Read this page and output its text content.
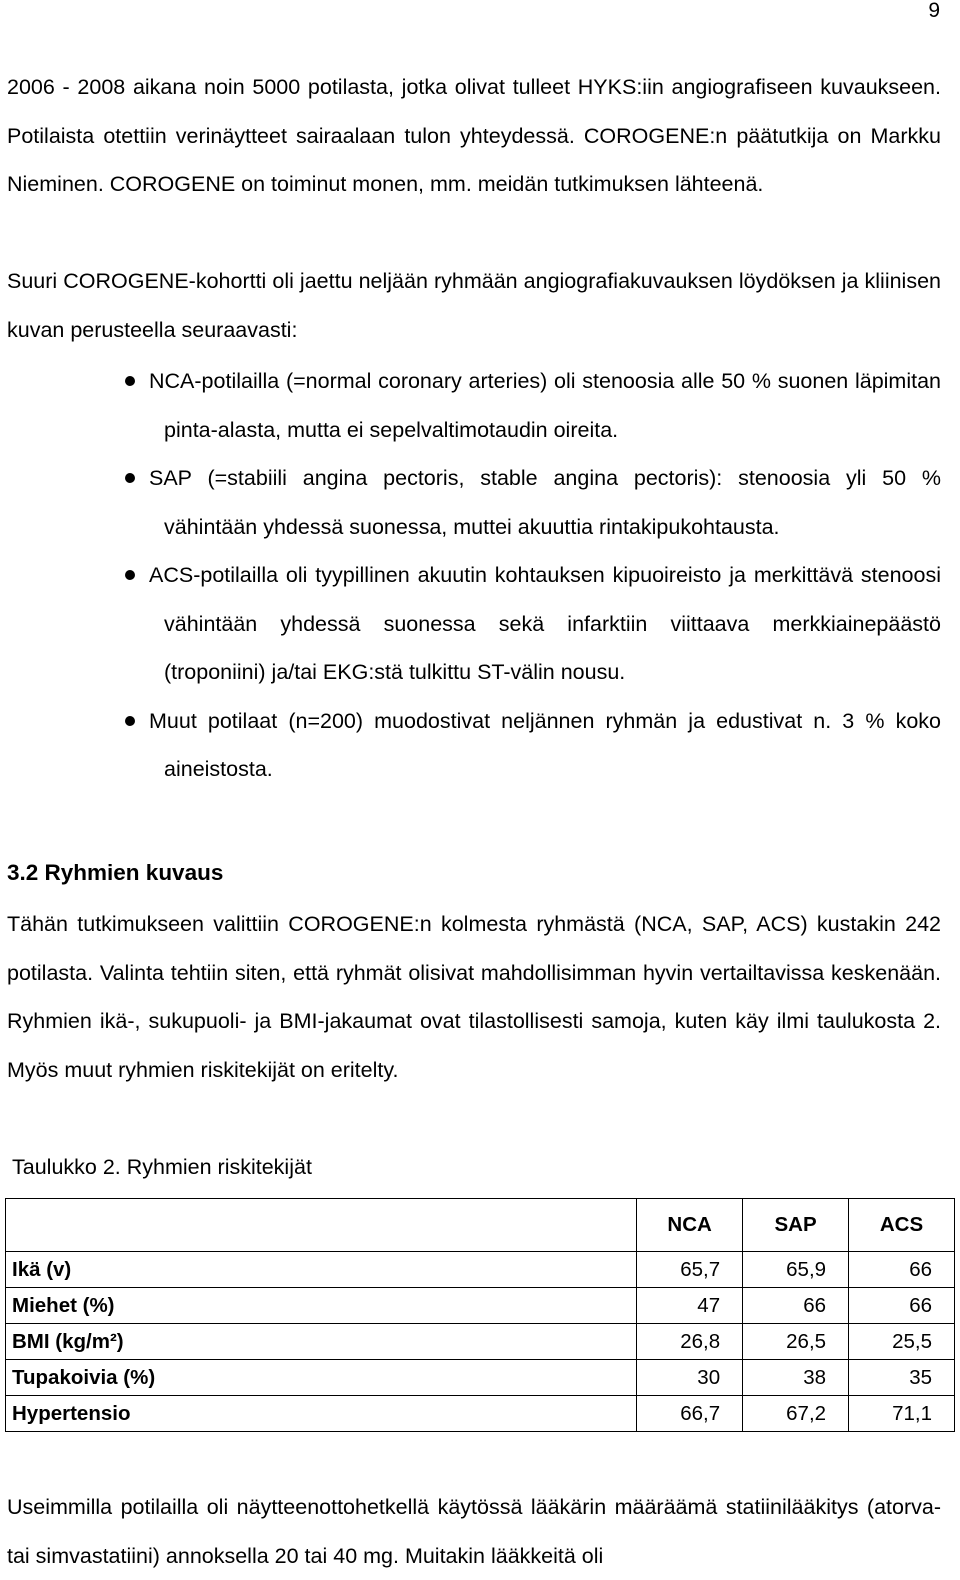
9

2006 - 2008 aikana noin 5000 potilasta, jotka olivat tulleet HYKS:iin angiografiseen kuvaukseen. Potilaista otettiin verinäytteet sairaalaan tulon yhteydessä. COROGENE:n päätutkija on Markku Nieminen. COROGENE on toiminut monen, mm. meidän tutkimuksen lähteenä.

Suuri COROGENE-kohortti oli jaettu neljään ryhmään angiografiakuvauksen löydöksen ja kliinisen kuvan perusteella seuraavasti:

NCA-potilailla (=normal coronary arteries) oli stenoosia alle 50 % suonen läpimitan pinta-alasta, mutta ei sepelvaltimotaudin oireita.
SAP (=stabiili angina pectoris, stable angina pectoris): stenoosia yli 50 % vähintään yhdessä suonessa, muttei akuuttia rintakipukohtausta.
ACS-potilailla oli tyypillinen akuutin kohtauksen kipuoireisto ja merkittävä stenoosi vähintään yhdessä suonessa sekä infarktiin viittaava merkkiainepäästö (troponiini) ja/tai EKG:stä tulkittu ST-välin nousu.
Muut potilaat (n=200) muodostivat neljännen ryhmän ja edustivat n. 3 % koko aineistosta.
3.2 Ryhmien kuvaus

Tähän tutkimukseen valittiin COROGENE:n kolmesta ryhmästä (NCA, SAP, ACS) kustakin 242 potilasta. Valinta tehtiin siten, että ryhmät olisivat mahdollisimman hyvin vertailtavissa keskenään. Ryhmien ikä-, sukupuoli- ja BMI-jakaumat ovat tilastollisesti samoja, kuten käy ilmi taulukosta 2. Myös muut ryhmien riskitekijät on eritelty.

Taulukko 2. Ryhmien riskitekijät

	NCA	SAP	ACS
Ikä (v)	65,7	65,9	66
Miehet (%)	47	66	66
BMI (kg/m²)	26,8	26,5	25,5
Tupakoivia (%)	30	38	35
Hypertensio	66,7	67,2	71,1

Useimmilla potilailla oli näytteenottohetkellä käytössä lääkärin määräämä statiinilääkitys (atorva- tai simvastatiini) annoksella 20 tai 40 mg. Muitakin lääkkeitä oli
